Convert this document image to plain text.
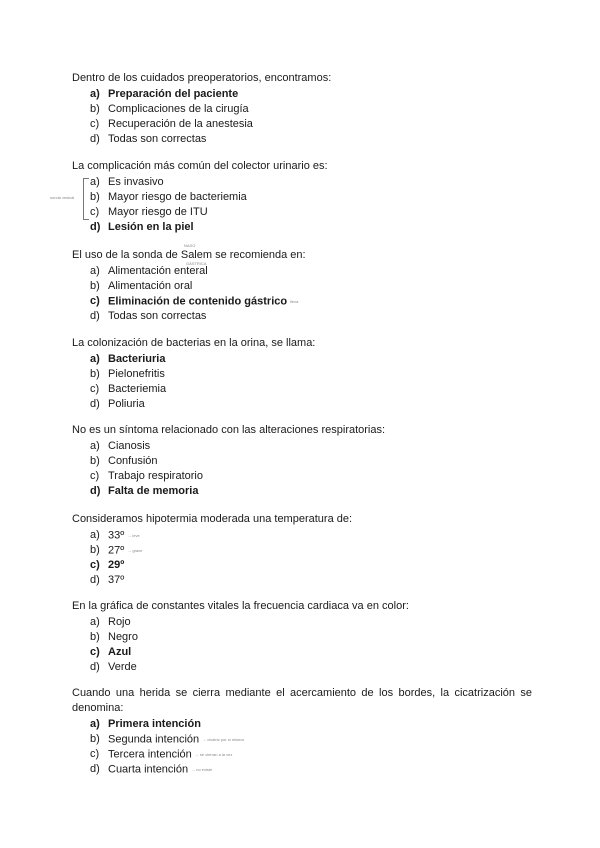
sonda vesical
NASO
GÁSTRICA
Dentro de los cuidados preoperatorios, encontramos:
a) Preparación del paciente
b) Complicaciones de la cirugía
c) Recuperación de la anestesia
d) Todas son correctas
La complicación más común del colector urinario es:
a) Es invasivo
b) Mayor riesgo de bacteriemia
c) Mayor riesgo de ITU
d) Lesión en la piel
El uso de la sonda de Salem se recomienda en:
a) Alimentación enteral
b) Alimentación oral
c) Eliminación de contenido gástrico lleva
d) Todas son correctas
La colonización de bacterias en la orina, se llama:
a) Bacteriuria
b) Pielonefritis
c) Bacteriemia
d) Poliuria
No es un síntoma relacionado con las alteraciones respiratorias:
a) Cianosis
b) Confusión
c) Trabajo respiratorio
d) Falta de memoria
Consideramos hipotermia moderada una temperatura de:
a) 33º → leve
b) 27º → grave
c) 29º
d) 37º
En la gráfica de constantes vitales la frecuencia cardiaca va en color:
a) Rojo
b) Negro
c) Azul
d) Verde
Cuando una herida se cierra mediante el acercamiento de los bordes, la cicatrización se denomina:
a) Primera intención
b) Segunda intención → cicatriz por sí misma
c) Tercera intención → se cierran a la vez
d) Cuarta intención → no existe
